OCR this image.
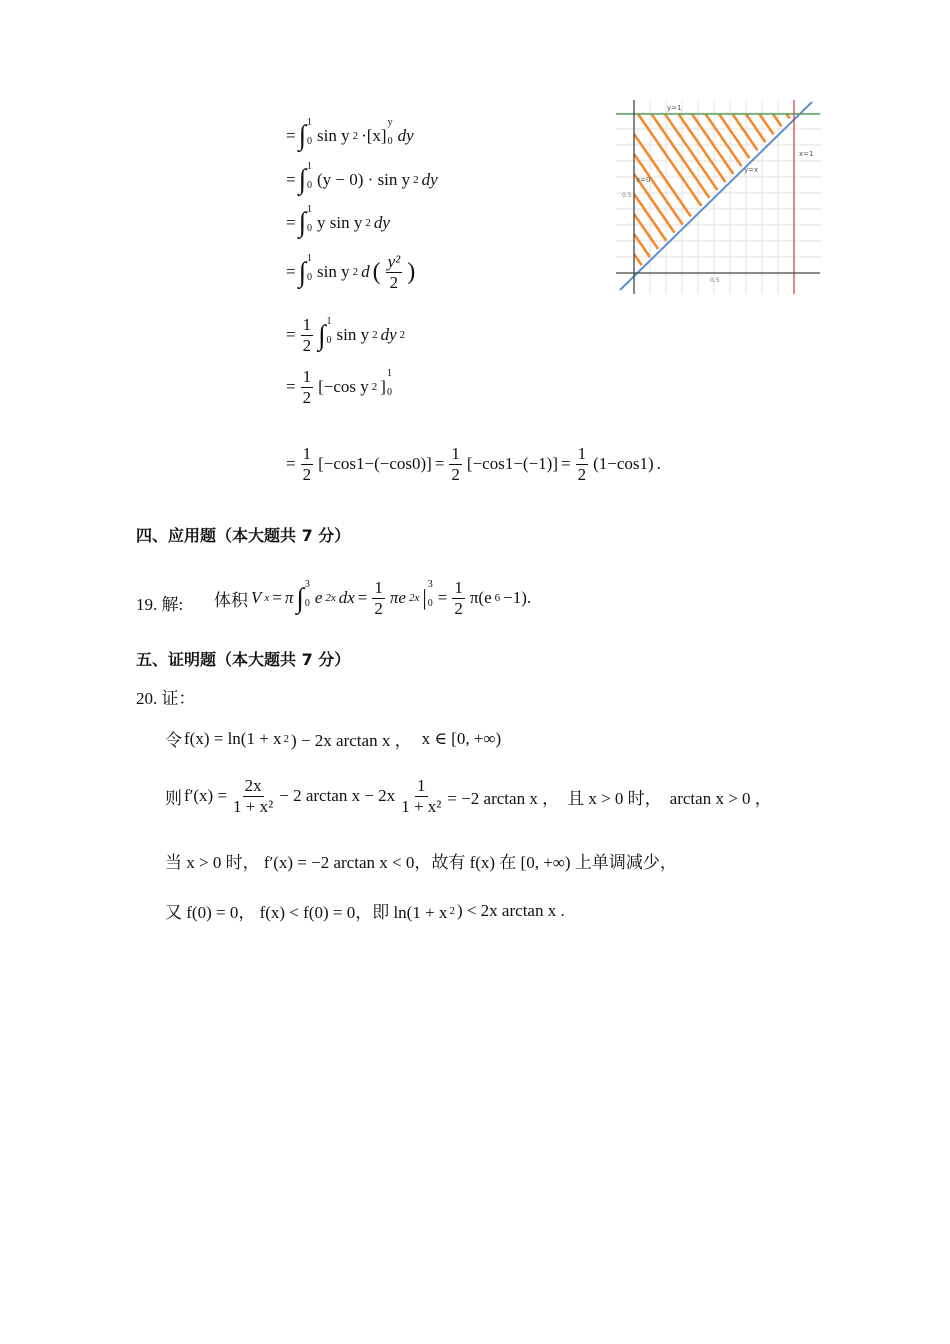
y=1
x=0
y=x
x=1
0.5
0.5
= ∫ 1
0 sin y 2 ·[x]
y
0 dy
= ∫ 1
0 (y − 0) · sin y 2 dy
= ∫ 1
0 y sin y 2 dy
= ∫ 1
0 sin y 2 d ( $\frac{\text{y²}}{2}$ )
= $\frac{1}{2}$ ∫ 1
0 sin y 2 dy 2
= $\frac{1}{2} [-\cos$ y 2 ]
1
0
= $\frac{1}{2} [-\cos 1-(-\cos 0)] = \frac{1}{2} [-\cos 1-(-1)] = \frac{1}{2} (1-\cos 1)$ .
四、应用题（本大题共 7 分）
19. 解: 体积 V x = π ∫ 3
0 e 2x dx = $\frac{1}{2}$ πe 2x |
3
$0 = \frac{1}{2} \pi(e$ 6 −1).
五、证明题（本大题共 7 分）
20. 证：
令 f(x) = ln(1 + x 2 ) − 2x arctan x ， x ∈ [0, +∞)
则 $f'(x) = \frac{2x}{\text{1 + x²}} - 2$ $\arctan x - 2x \frac{1}{\text{1 + x²}} = -2$ arctan x ， 且 x > 0 时， arctan x > 0 ，
当 x > 0 时， f′(x) = −2 arctan x < 0，故有 f(x) 在 [0, +∞) 上单调减少，
又 f(0) = 0， f(x) < f(0) = 0，即 ln(1 + x 2 ) < 2x arctan x .
